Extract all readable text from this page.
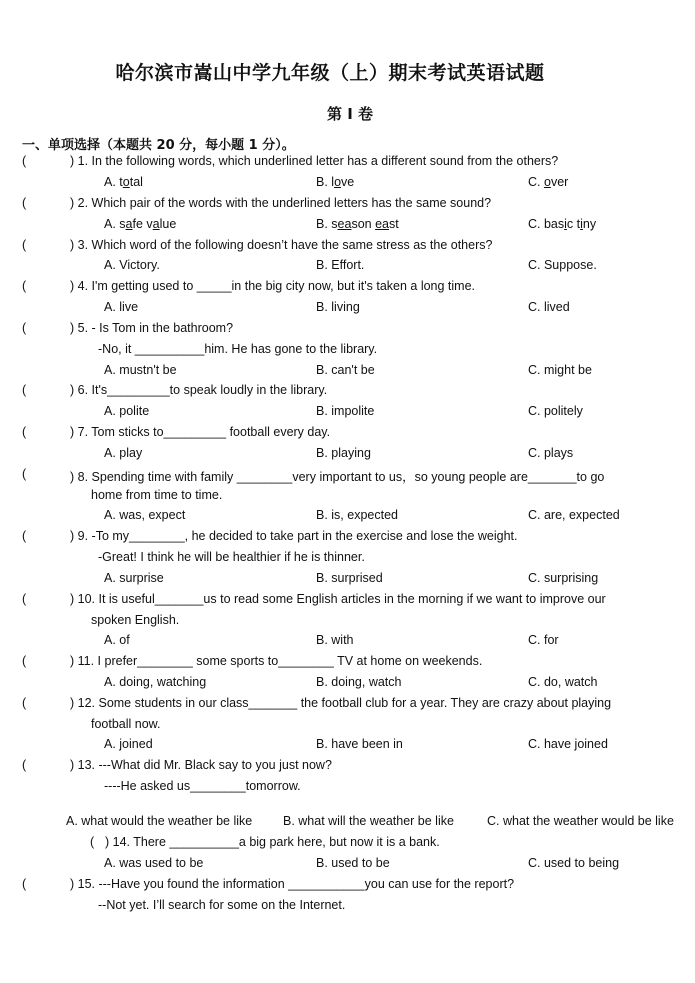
哈尔滨市嵩山中学九年级（上）期末考试英语试题
第 I 卷
一、单项选择（本题共 20 分，每小题 1 分）。
(	) 1. In the following words, which underlined letter has a different sound from the others?
A. total	B. love	C. over
(	) 2. Which pair of the words with the underlined letters has the same sound?
A. safe value	B. season east	C. basic tiny
(	) 3. Which word of the following doesn’t have the same stress as the others?
A. Victory.	B. Effort.	C. Suppose.
(	) 4. I'm getting used to _____in the big city now, but it's taken a long time.
A. live	B. living	C. lived
(	) 5. - Is Tom in the bathroom?
-No, it __________him. He has gone to the library.
A. mustn't be	B. can't be	C. might be
(	) 6. It's_________to speak loudly in the library.
A. polite	B. impolite	C. politely
(	) 7. Tom sticks to_________ football every day.
A. play	B. playing	C. plays
(	) 8. Spending time with family ________very important to us，so young people are_______to go
home from time to time.
A. was, expect	B. is, expected	C. are, expected
(	) 9. -To my________, he decided to take part in the exercise and lose the weight.
-Great! I think he will be healthier if he is thinner.
A. surprise	B. surprised	C. surprising
(	) 10. It is useful_______us to read some English articles in the morning if we want to improve our
spoken English.
A. of	B. with	C. for
(	) 11. I prefer________ some sports to________ TV at home on weekends.
A. doing, watching	B. doing, watch	C. do, watch
(	) 12. Some students in our class_______ the football club for a year. They are crazy about playing
football now.
A. joined	B. have been in	C. have joined
(	) 13. ---What did Mr. Black say to you just now?
----He asked us________tomorrow.
A. what would the weather be like B. what will the weather be like	C. what the weather would be like
( ) 14. There __________a big park here, but now it is a bank.
A. was used to be	B. used to be	C. used to being
(	) 15. ---Have you found the information ___________you can use for the report?
--Not yet. I’ll search for some on the Internet.
